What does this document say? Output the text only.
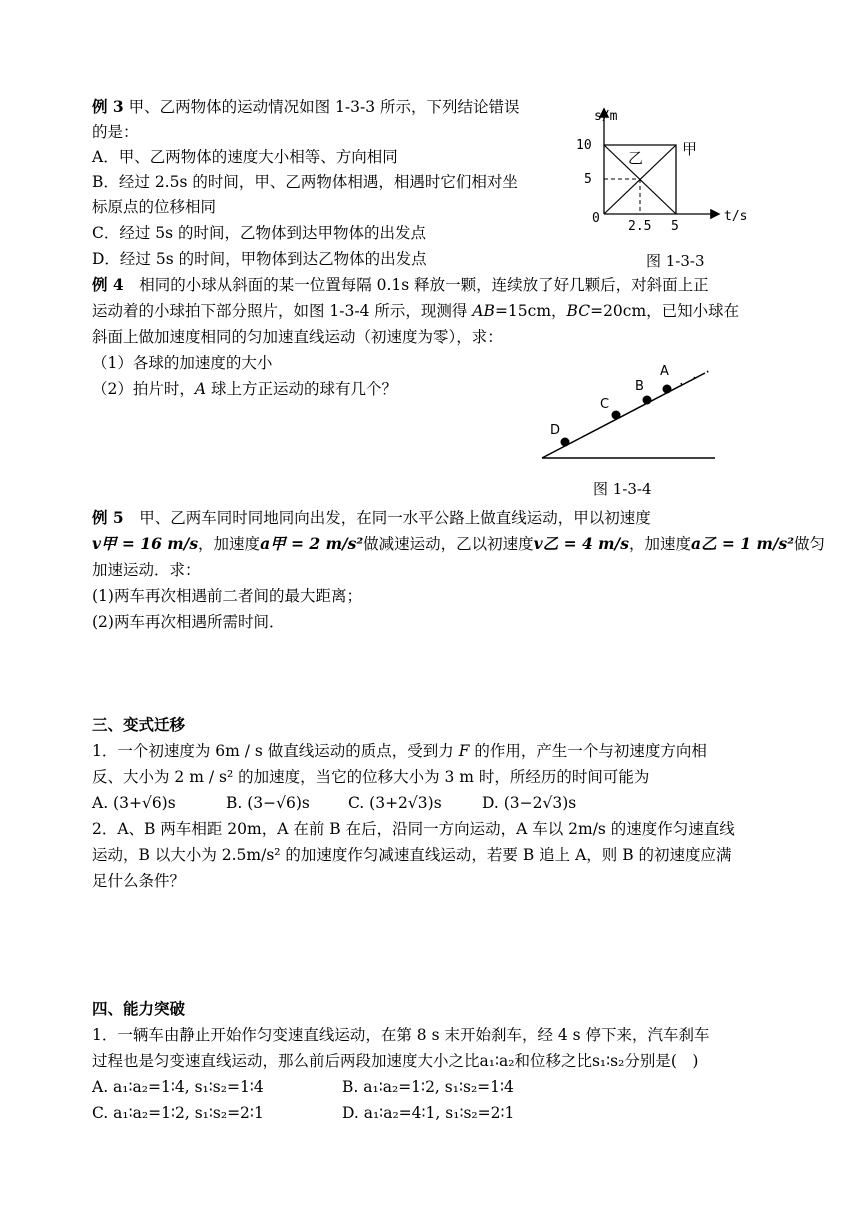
例 3 甲、乙两物体的运动情况如图 1-3-3 所示，下列结论错误
的是：
A．甲、乙两物体的速度大小相等、方向相同
B．经过 2.5s 的时间，甲、乙两物体相遇，相遇时它们相对坐
标原点的位移相同
C．经过 5s 的时间，乙物体到达甲物体的出发点
D．经过 5s 的时间，甲物体到达乙物体的出发点
s/m
t/s
10
5
0
2.5 5
乙	甲
图 1-3-3
例 4　相同的小球从斜面的某一位置每隔 0.1s 释放一颗，连续放了好几颗后，对斜面上正
运动着的小球拍下部分照片，如图 1-3-4 所示，现测得 AB=15cm，BC=20cm，已知小球在
斜面上做加速度相同的匀加速直线运动（初速度为零），求：
（1）各球的加速度的大小
（2）拍片时，A 球上方正运动的球有几个？
D
C
B
A · · ·
图 1-3-4
例 5　甲、乙两车同时同地同向出发，在同一水平公路上做直线运动，甲以初速度
v甲 = 16 m/s，加速度a甲 = 2 m/s²做减速运动，乙以初速度v乙 = 4 m/s，加速度a乙 = 1 m/s²做匀
加速运动．求：
(1)两车再次相遇前二者间的最大距离；
(2)两车再次相遇所需时间．
三、变式迁移
1．一个初速度为 6m / s 做直线运动的质点，受到力 F 的作用，产生一个与初速度方向相
反、大小为 2 m / s² 的加速度，当它的位移大小为 3 m 时，所经历的时间可能为
A. (3+√6)s	B. (3−√6)s C. (3+2√3)s	D. (3−2√3)s
2．A、B 两车相距 20m，A 在前 B 在后，沿同一方向运动，A 车以 2m/s 的速度作匀速直线
运动，B 以大小为 2.5m/s² 的加速度作匀减速直线运动，若要 B 追上 A，则 B 的初速度应满
足什么条件？
四、能力突破
1．一辆车由静止开始作匀变速直线运动，在第 8 s 末开始刹车，经 4 s 停下来，汽车刹车
过程也是匀变速直线运动，那么前后两段加速度大小之比a₁∶a₂和位移之比s₁∶s₂分别是(　)
A. a₁∶a₂=1∶4, s₁∶s₂=1∶4	B. a₁∶a₂=1∶2, s₁∶s₂=1∶4
C. a₁∶a₂=1∶2, s₁∶s₂=2∶1	D. a₁∶a₂=4∶1, s₁∶s₂=2∶1
